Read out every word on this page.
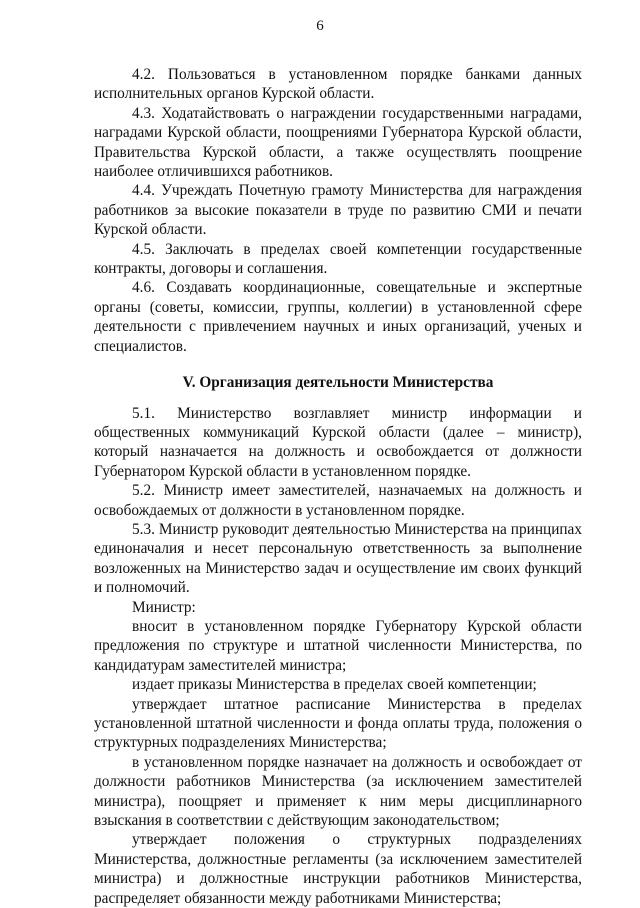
6

4.2. Пользоваться в установленном порядке банками данных исполнительных органов Курской области.

4.3. Ходатайствовать о награждении государственными наградами, наградами Курской области, поощрениями Губернатора Курской области, Правительства Курской области, а также осуществлять поощрение наиболее отличившихся работников.

4.4. Учреждать Почетную грамоту Министерства для награждения работников за высокие показатели в труде по развитию СМИ и печати Курской области.

4.5. Заключать в пределах своей компетенции государственные контракты, договоры и соглашения.

4.6. Создавать координационные, совещательные и экспертные органы (советы, комиссии, группы, коллегии) в установленной сфере деятельности с привлечением научных и иных организаций, ученых и специалистов.

V. Организация деятельности Министерства

5.1. Министерство возглавляет министр информации и общественных коммуникаций Курской области (далее – министр), который назначается на должность и освобождается от должности Губернатором Курской области в установленном порядке.

5.2. Министр имеет заместителей, назначаемых на должность и освобождаемых от должности в установленном порядке.

5.3. Министр руководит деятельностью Министерства на принципах единоначалия и несет персональную ответственность за выполнение возложенных на Министерство задач и осуществление им своих функций и полномочий.

Министр:

вносит в установленном порядке Губернатору Курской области предложения по структуре и штатной численности Министерства, по кандидатурам заместителей министра;

издает приказы Министерства в пределах своей компетенции;

утверждает штатное расписание Министерства в пределах установленной штатной численности и фонда оплаты труда, положения о структурных подразделениях Министерства;

в установленном порядке назначает на должность и освобождает от должности работников Министерства (за исключением заместителей министра), поощряет и применяет к ним меры дисциплинарного взыскания в соответствии с действующим законодательством;

утверждает положения о структурных подразделениях Министерства, должностные регламенты (за исключением заместителей министра) и должностные инструкции работников Министерства, распределяет обязанности между работниками Министерства;
